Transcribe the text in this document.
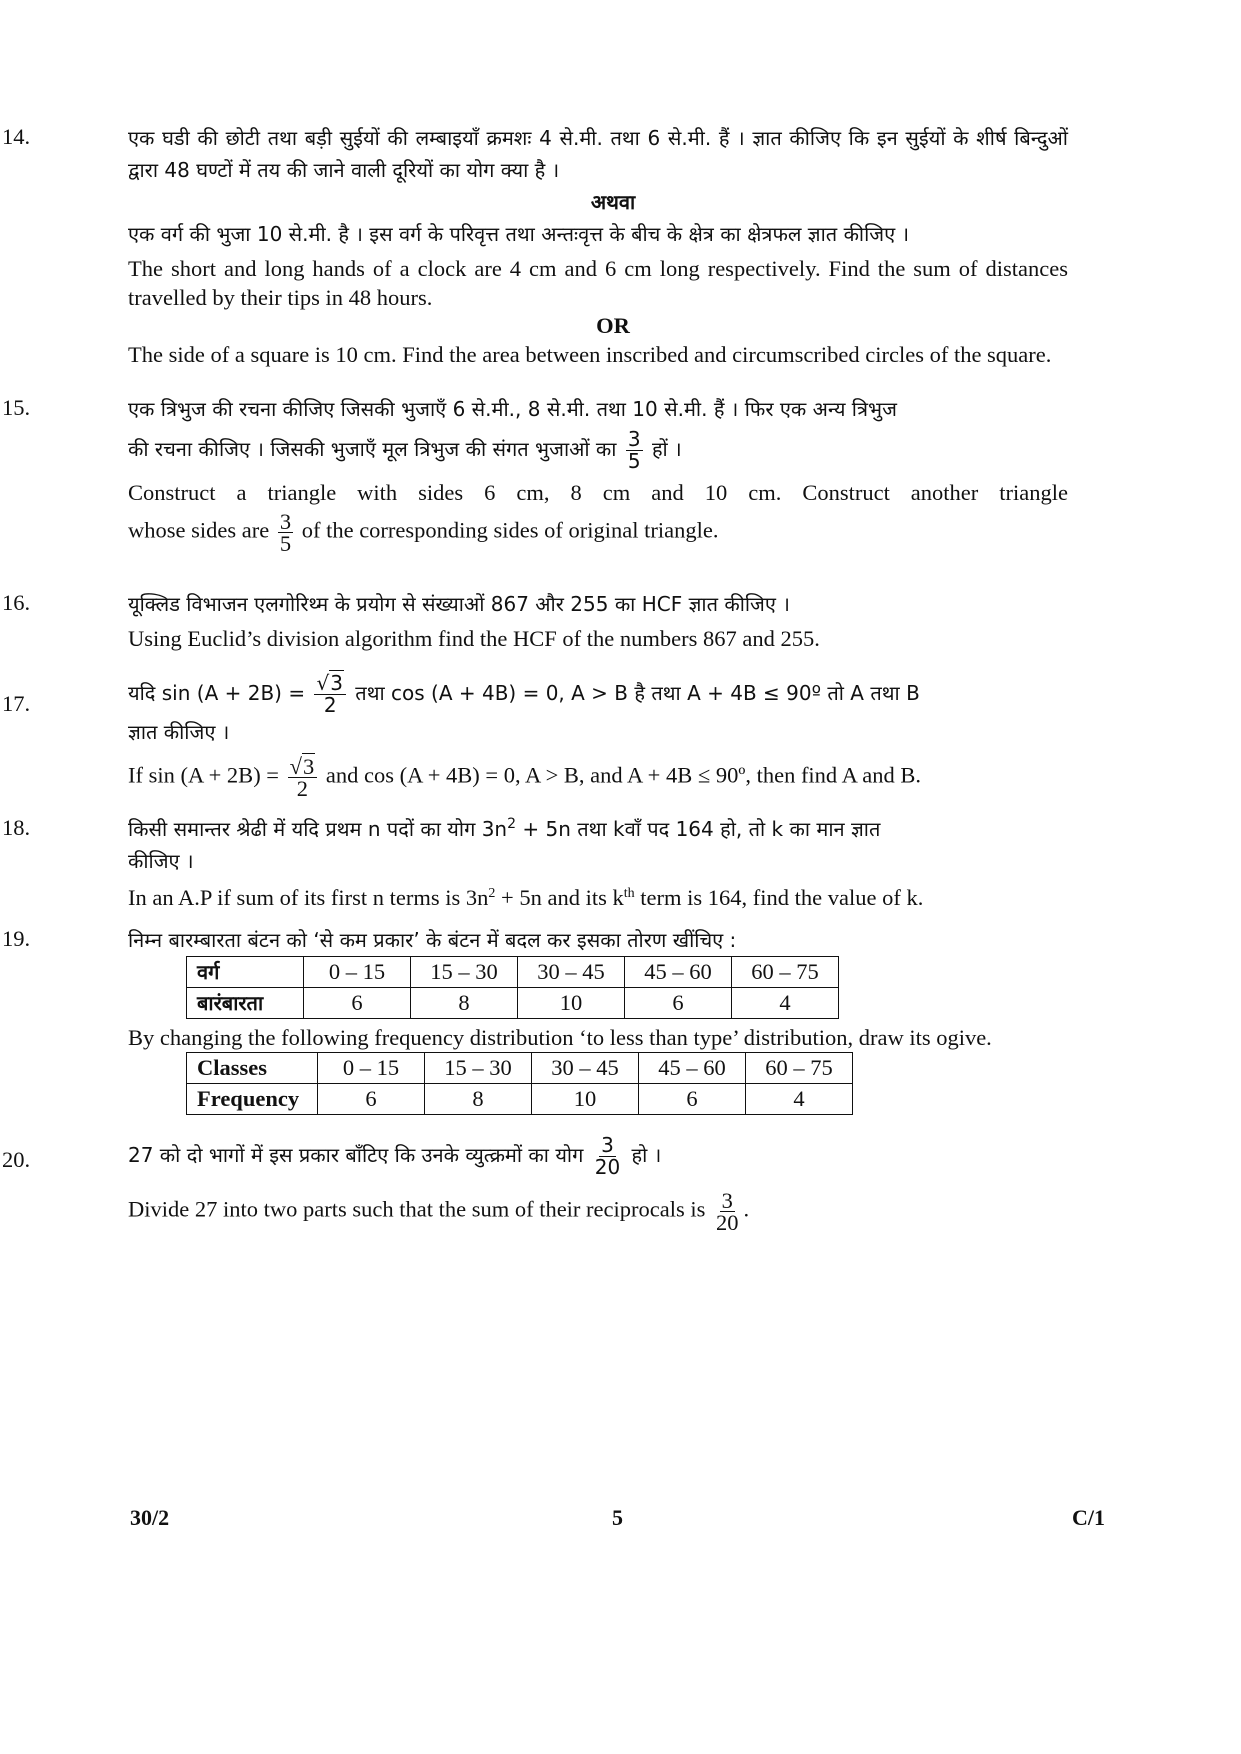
14.	एक घडी की छोटी तथा बड़ी सुईयों की लम्बाइयाँ क्रमशः 4 से.मी. तथा 6 से.मी. हैं । ज्ञात कीजिए कि इन सुईयों के शीर्ष बिन्दुओं द्वारा 48 घण्टों में तय की जाने वाली दूरियों का योग क्या है ।

अथवा

एक वर्ग की भुजा 10 से.मी. है । इस वर्ग के परिवृत्त तथा अन्तःवृत्त के बीच के क्षेत्र का क्षेत्रफल ज्ञात कीजिए ।

The short and long hands of a clock are 4 cm and 6 cm long respectively. Find the sum of distances travelled by their tips in 48 hours.

OR

The side of a square is 10 cm. Find the area between inscribed and circumscribed circles of the square.

15.	एक त्रिभुज की रचना कीजिए जिसकी भुजाएँ 6 से.मी., 8 से.मी. तथा 10 से.मी. हैं । फिर एक अन्य त्रिभुज

की रचना कीजिए । जिसकी भुजाएँ मूल त्रिभुज की संगत भुजाओं का $\frac{3}{5}$ हों ।

Construct a triangle with sides 6 cm, 8 cm and 10 cm. Construct another triangle

whose sides are $\frac{3}{5}$ of the corresponding sides of original triangle.

16.	यूक्लिड विभाजन एलगोरिथ्म के प्रयोग से संख्याओं 867 और 255 का HCF ज्ञात कीजिए ।

Using Euclid’s division algorithm find the HCF of the numbers 867 and 255.

17.	यदि $\sin (A + 2B) = \frac{√3}{2}$ तथा cos (A + 4B) = 0, A > B है तथा A + 4B ≤ 90º तो A तथा B

ज्ञात कीजिए ।

If $\sin (A + 2B) = \frac{√3}{2}$ and cos (A + 4B) = 0, A > B, and A + 4B ≤ 90º, then find A and B.

18.	किसी समान्तर श्रेढी में यदि प्रथम n पदों का योग $3n^2 + 5n$ तथा kवाँ पद 164 हो, तो k का मान ज्ञात

कीजिए ।

In an A.P if sum of its first n terms is $3n^2 + 5n$ and its $k^{th}$ term is 164, find the value of k.

19.	निम्न बारम्बारता बंटन को ‘से कम प्रकार’ के बंटन में बदल कर इसका तोरण खींचिए :

वर्ग	0 – 15	15 – 30	30 – 45	45 – 60	60 – 75
बारंबारता	6	8	10	6	4

By changing the following frequency distribution ‘to less than type’ distribution, draw its ogive.

Classes	0 – 15	15 – 30	30 – 45	45 – 60	60 – 75
Frequency	6	8	10	6	4
20.	27 को दो भागों में इस प्रकार बाँटिए कि उनके व्युत्क्रमों का योग $\frac{3}{20}$ हो ।

Divide 27 into two parts such that the sum of their reciprocals is $\frac{3}{20}$ .

30/2	5	C/1
